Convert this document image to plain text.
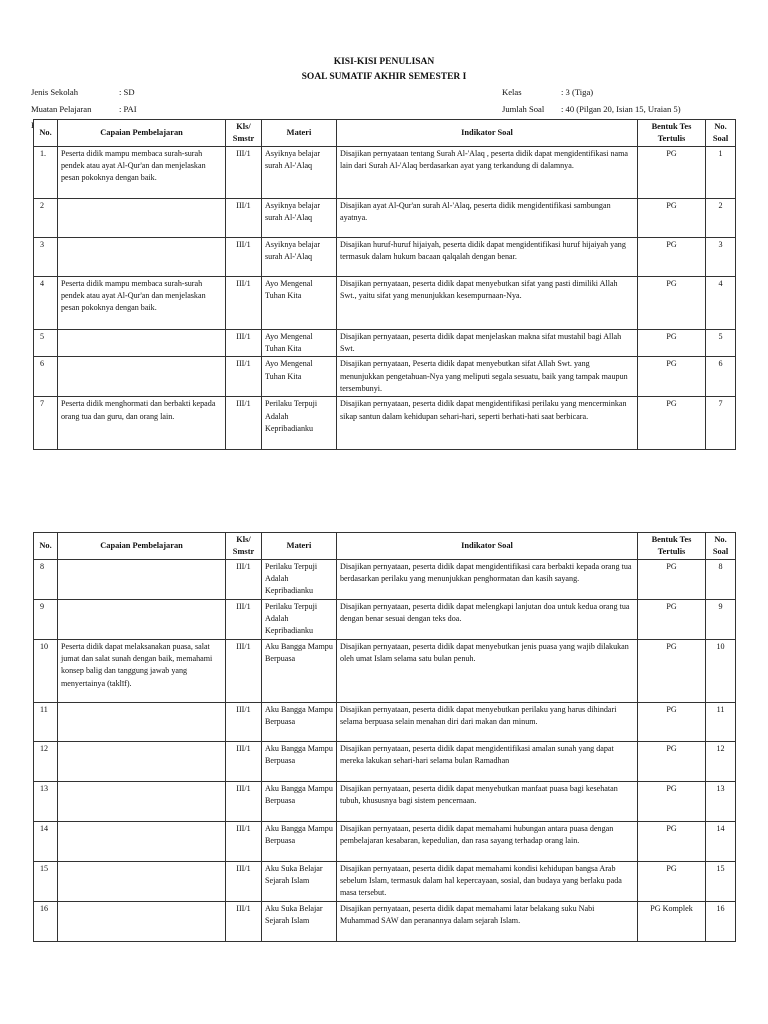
KISI-KISI PENULISAN
SOAL SUMATIF AKHIR SEMESTER I
Jenis Sekolah	: SD
Muatan Pelajaran	: PAI
Kurikulum	: Kurikulum Merdeka
Kelas	: 3 (Tiga)
Jumlah Soal	: 40 (Pilgan 20, Isian 15, Uraian 5)
Penyusun	: _
No.	Capaian Pembelajaran	Kls/ Smstr	Materi	Indikator Soal	Bentuk Tes Tertulis	No. Soal
1.	Peserta didik mampu membaca surah-surah pendek atau ayat Al-Qur'an dan menjelaskan pesan pokoknya dengan baik.	III/1	Asyiknya belajar surah Al-'Alaq	Disajikan pernyataan tentang Surah Al-'Alaq , peserta didik dapat mengidentifikasi nama lain dari Surah Al-'Alaq berdasarkan ayat yang terkandung di dalamnya.	PG	1
2		III/1	Asyiknya belajar surah Al-'Alaq	Disajikan ayat Al-Qur'an surah Al-'Alaq, peserta didik mengidentifikasi sambungan ayatnya.	PG	2
3		III/1	Asyiknya belajar surah Al-'Alaq	Disajikan huruf-huruf hijaiyah, peserta didik dapat mengidentifikasi huruf hijaiyah yang termasuk dalam hukum bacaan qalqalah dengan benar.	PG	3
4	Peserta didik mampu membaca surah-surah pendek atau ayat Al-Qur'an dan menjelaskan pesan pokoknya dengan baik.	III/1	Ayo Mengenal Tuhan Kita	Disajikan pernyataan, peserta didik dapat menyebutkan sifat yang pasti dimiliki Allah Swt., yaitu sifat yang menunjukkan kesempurnaan-Nya.	PG	4
5		III/1	Ayo Mengenal Tuhan Kita	Disajikan pernyataan, peserta didik dapat menjelaskan makna sifat mustahil bagi Allah Swt.	PG	5
6		III/1	Ayo Mengenal Tuhan Kita	Disajikan pernyataan, Peserta didik dapat menyebutkan sifat Allah Swt. yang menunjukkan pengetahuan-Nya yang meliputi segala sesuatu, baik yang tampak maupun tersembunyi.	PG	6
7	Peserta didik menghormati dan berbakti kepada orang tua dan guru, dan orang lain.	III/1	Perilaku Terpuji Adalah Kepribadianku	Disajikan pernyataan, peserta didik dapat mengidentifikasi perilaku yang mencerminkan sikap santun dalam kehidupan sehari-hari, seperti berhati-hati saat berbicara.	PG	7
No.	Capaian Pembelajaran	Kls/ Smstr	Materi	Indikator Soal	Bentuk Tes Tertulis	No. Soal
8		III/1	Perilaku Terpuji Adalah Kepribadianku	Disajikan pernyataan, peserta didik dapat mengidentifikasi cara berbakti kepada orang tua berdasarkan perilaku yang menunjukkan penghormatan dan kasih sayang.	PG	8
9		III/1	Perilaku Terpuji Adalah Kepribadianku	Disajikan pernyataan, peserta didik dapat melengkapi lanjutan doa untuk kedua orang tua dengan benar sesuai dengan teks doa.	PG	9
10	Peserta didik dapat melaksanakan puasa, salat jumat dan salat sunah dengan baik, memahami konsep balig dan tanggung jawab yang menyertainya (taklīf).	III/1	Aku Bangga Mampu Berpuasa	Disajikan pernyataan, peserta didik dapat menyebutkan jenis puasa yang wajib dilakukan oleh umat Islam selama satu bulan penuh.	PG	10
11		III/1	Aku Bangga Mampu Berpuasa	Disajikan pernyataan, peserta didik dapat menyebutkan perilaku yang harus dihindari selama berpuasa selain menahan diri dari makan dan minum.	PG	11
12		III/1	Aku Bangga Mampu Berpuasa	Disajikan pernyataan, peserta didik dapat mengidentifikasi amalan sunah yang dapat mereka lakukan sehari-hari selama bulan Ramadhan	PG	12
13		III/1	Aku Bangga Mampu Berpuasa	Disajikan pernyataan, peserta didik dapat menyebutkan manfaat puasa bagi kesehatan tubuh, khususnya bagi sistem pencernaan.	PG	13
14		III/1	Aku Bangga Mampu Berpuasa	Disajikan pernyataan, peserta didik dapat memahami hubungan antara puasa dengan pembelajaran kesabaran, kepedulian, dan rasa sayang terhadap orang lain.	PG	14
15		III/1	Aku Suka Belajar Sejarah Islam	Disajikan pernyataan, peserta didik dapat memahami kondisi kehidupan bangsa Arab sebelum Islam, termasuk dalam hal kepercayaan, sosial, dan budaya yang berlaku pada masa tersebut.	PG	15
16		III/1	Aku Suka Belajar Sejarah Islam	Disajikan pernyataan, peserta didik dapat memahami latar belakang suku Nabi Muhammad SAW dan peranannya dalam sejarah Islam.	PG Komplek	16
